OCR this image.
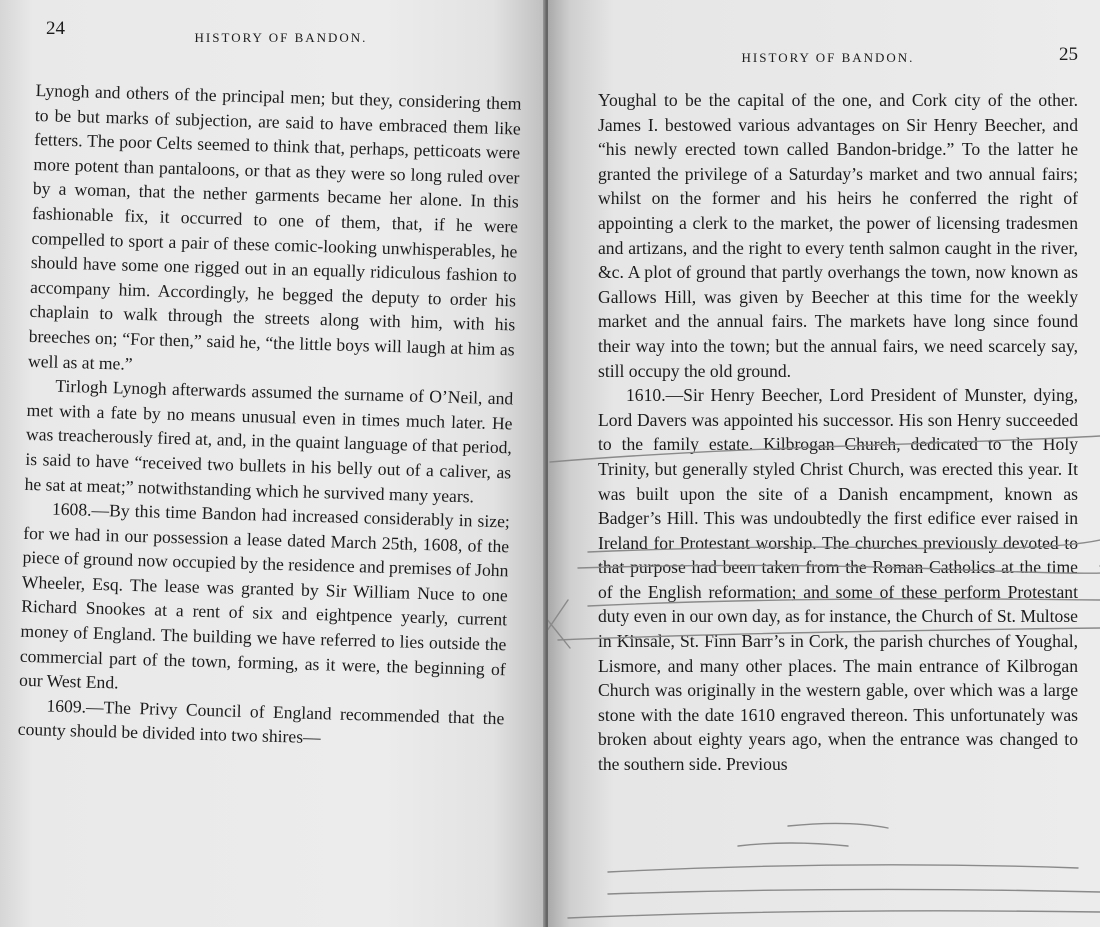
24	HISTORY OF BANDON.

Lynogh and others of the principal men; but they, considering them to be but marks of subjection, are said to have embraced them like fetters. The poor Celts seemed to think that, perhaps, petticoats were more potent than pantaloons, or that as they were so long ruled over by a woman, that the nether garments became her alone. In this fashionable fix, it occurred to one of them, that, if he were compelled to sport a pair of these comic-looking unwhisperables, he should have some one rigged out in an equally ridiculous fashion to accompany him. Accordingly, he begged the deputy to order his chaplain to walk through the streets along with him, with his breeches on; “For then,” said he, “the little boys will laugh at him as well as at me.”

Tirlogh Lynogh afterwards assumed the surname of O’Neil, and met with a fate by no means unusual even in times much later. He was treacherously fired at, and, in the quaint language of that period, is said to have “received two bullets in his belly out of a caliver, as he sat at meat;” notwithstanding which he survived many years.

1608.—By this time Bandon had increased considerably in size; for we had in our possession a lease dated March 25th, 1608, of the piece of ground now occupied by the residence and premises of John Wheeler, Esq. The lease was granted by Sir William Nuce to one Richard Snookes at a rent of six and eightpence yearly, current money of England. The building we have referred to lies outside the commercial part of the town, forming, as it were, the beginning of our West End.

1609.—The Privy Council of England recommended that the county should be divided into two shires—

HISTORY OF BANDON.	25

Youghal to be the capital of the one, and Cork city of the other. James I. bestowed various advantages on Sir Henry Beecher, and “his newly erected town called Bandon-bridge.” To the latter he granted the privilege of a Saturday’s market and two annual fairs; whilst on the former and his heirs he conferred the right of appointing a clerk to the market, the power of licensing tradesmen and artizans, and the right to every tenth salmon caught in the river, &c. A plot of ground that partly overhangs the town, now known as Gallows Hill, was given by Beecher at this time for the weekly market and the annual fairs. The markets have long since found their way into the town; but the annual fairs, we need scarcely say, still occupy the old ground.

1610.—Sir Henry Beecher, Lord President of Munster, dying, Lord Davers was appointed his successor. His son Henry succeeded to the family estate. Kilbrogan Church, dedicated to the Holy Trinity, but generally styled Christ Church, was erected this year. It was built upon the site of a Danish encampment, known as Badger’s Hill. This was undoubtedly the first edifice ever raised in Ireland for Protestant worship. The churches previously devoted to that purpose had been taken from the Roman Catholics at the time of the English reformation; and some of these perform Protestant duty even in our own day, as for instance, the Church of St. Multose in Kinsale, St. Finn Barr’s in Cork, the parish churches of Youghal, Lismore, and many other places. The main entrance of Kilbrogan Church was originally in the western gable, over which was a large stone with the date 1610 engraved thereon. This unfortunately was broken about eighty years ago, when the entrance was changed to the southern side. Previous
